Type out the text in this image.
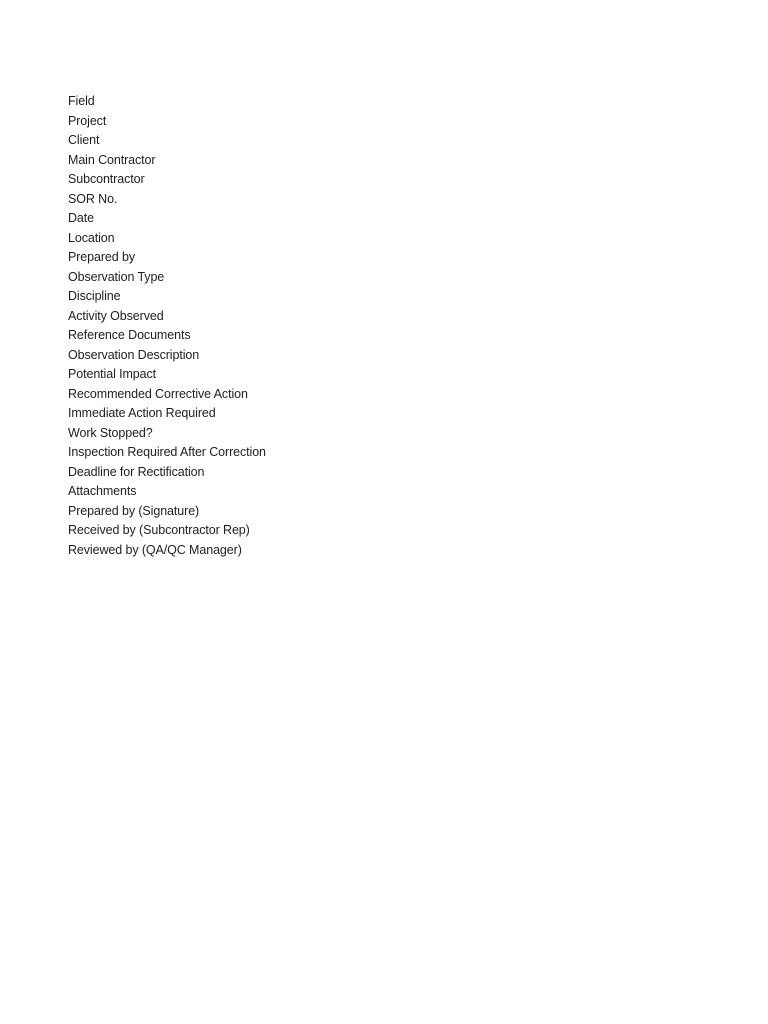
Field
Project
Client
Main Contractor
Subcontractor
SOR No.
Date
Location
Prepared by
Observation Type
Discipline
Activity Observed
Reference Documents
Observation Description
Potential Impact
Recommended Corrective Action
Immediate Action Required
Work Stopped?
Inspection Required After Correction
Deadline for Rectification
Attachments
Prepared by (Signature)
Received by (Subcontractor Rep)
Reviewed by (QA/QC Manager)
